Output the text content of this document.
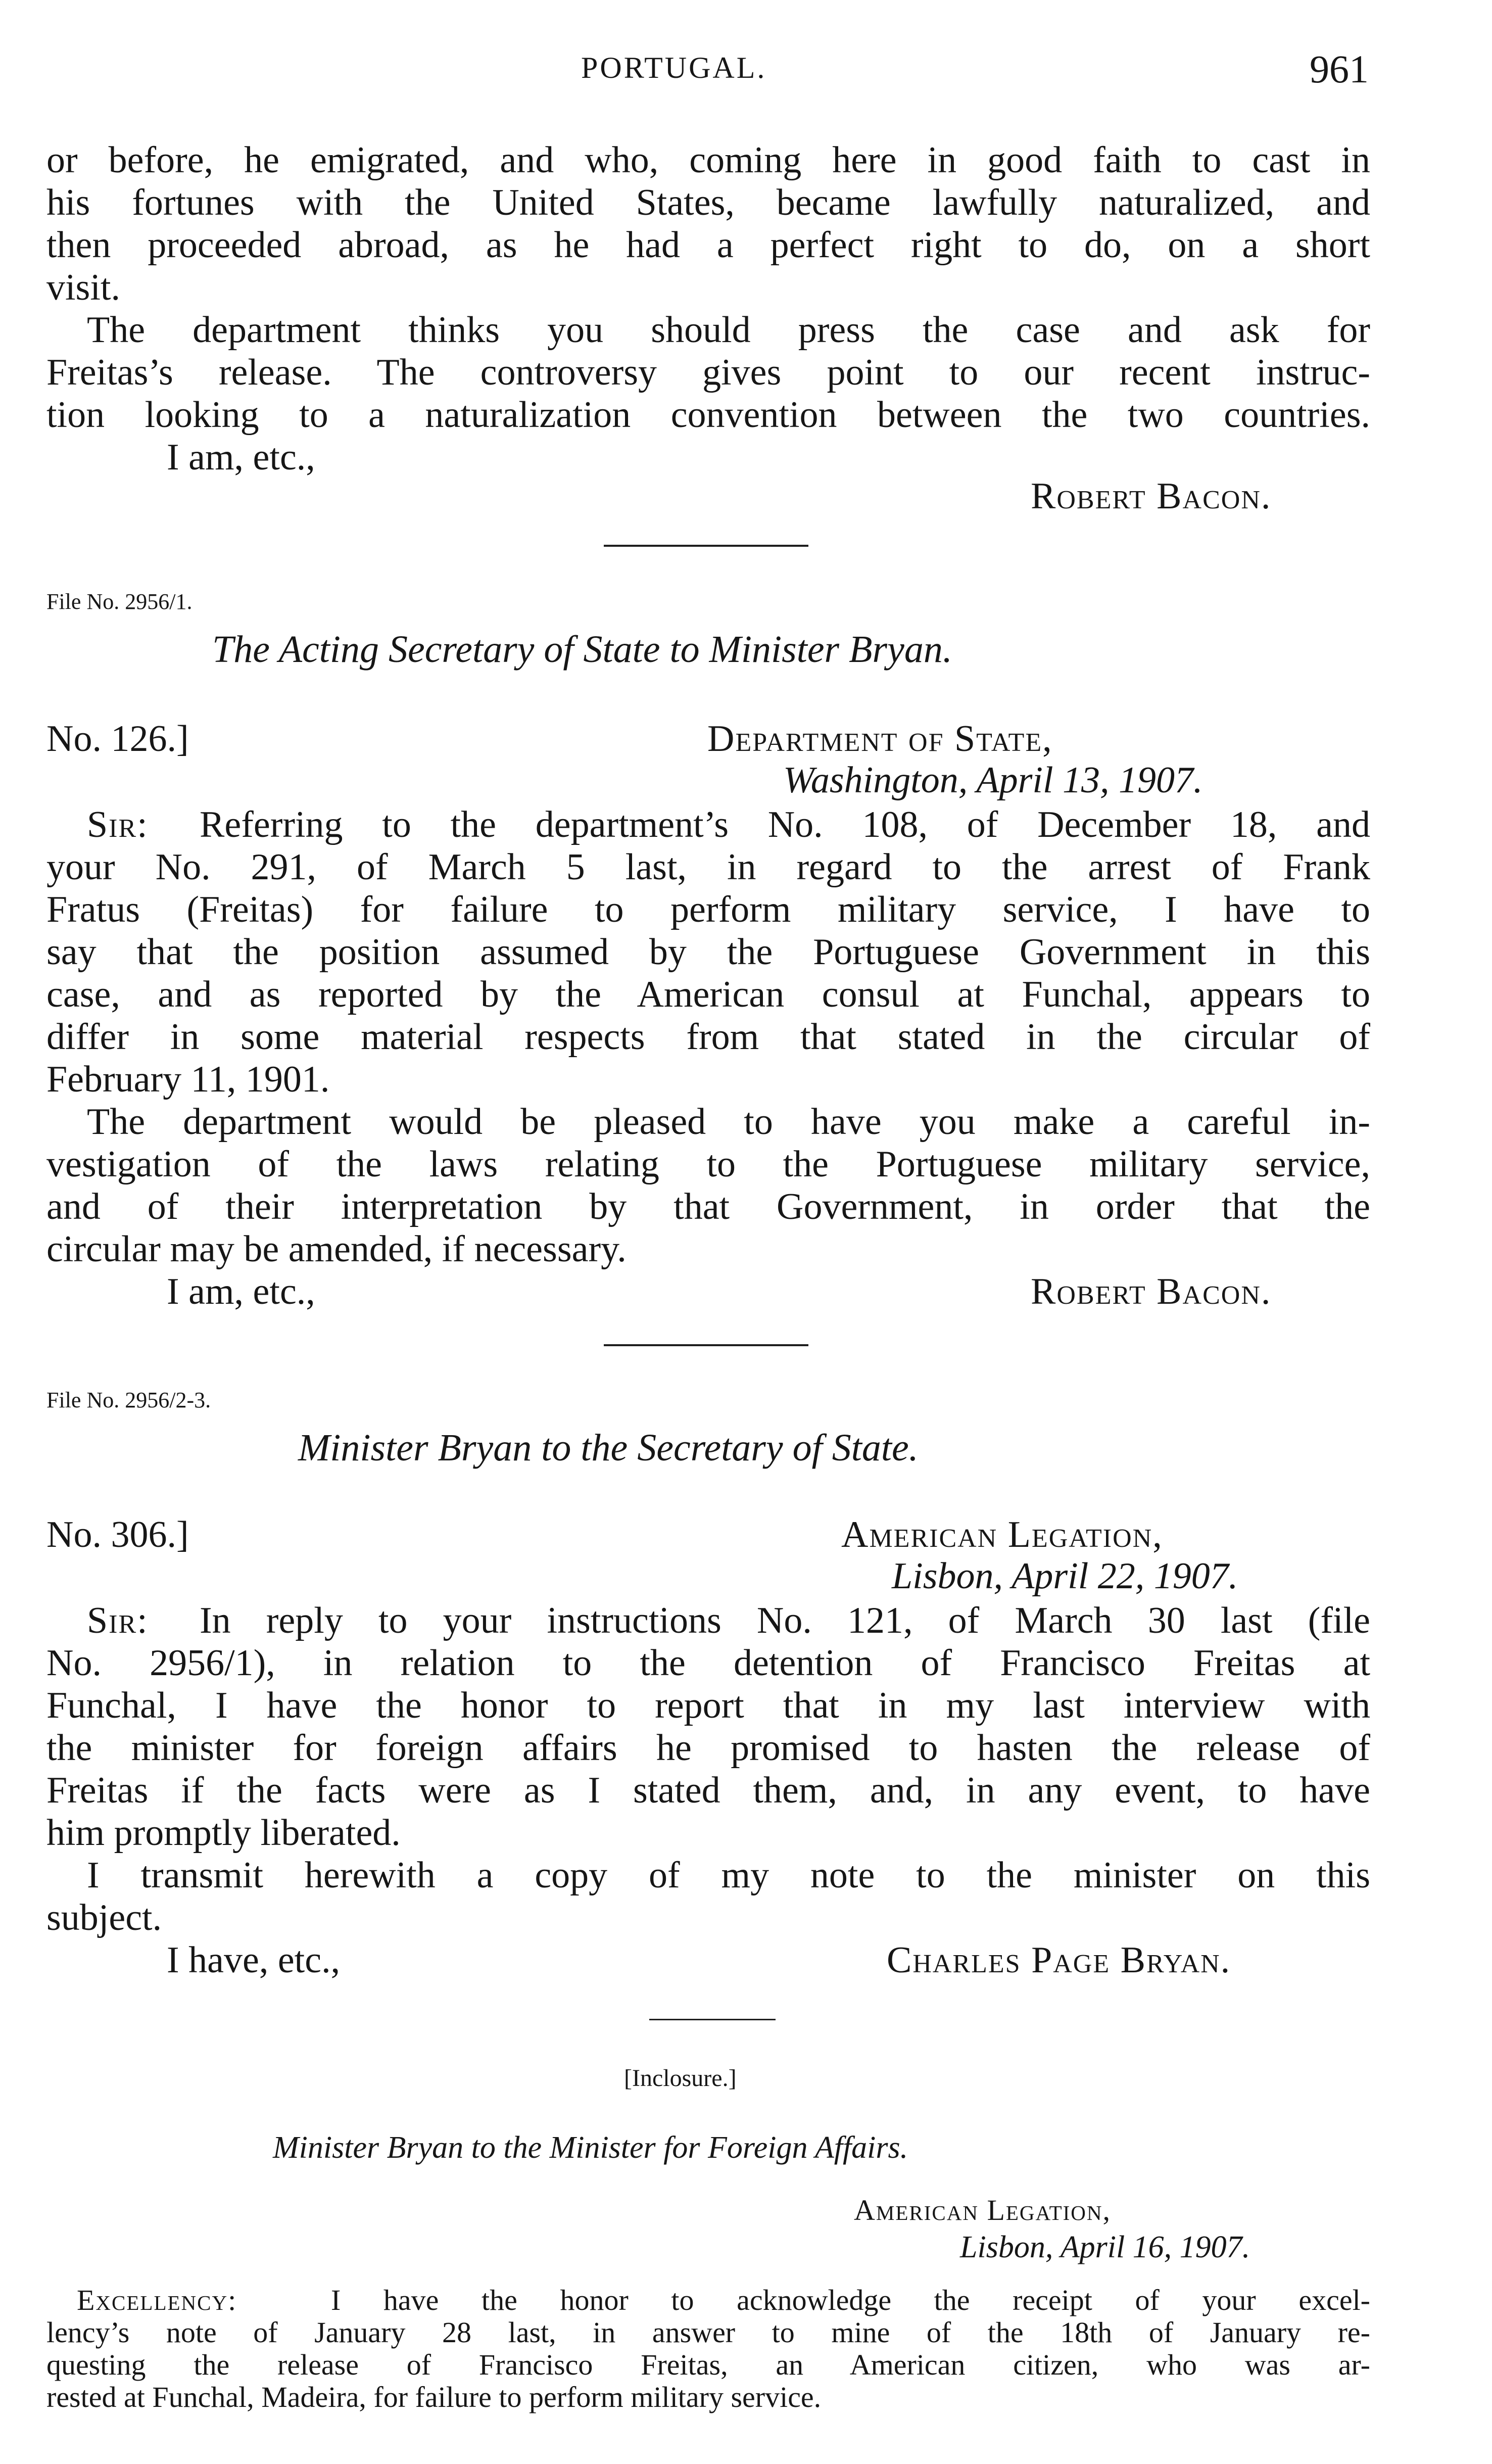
PORTUGAL.	961
or before, he emigrated, and who, coming here in good faith to cast in
his fortunes with the United States, became lawfully naturalized, and
then proceeded abroad, as he had a perfect right to do, on a short
visit.
The department thinks you should press the case and ask for
Freitas’s release. The controversy gives point to our recent instruc-
tion looking to a naturalization convention between the two countries.
I am, etc.,
Robert Bacon.
File No. 2956/1.
The Acting Secretary of State to Minister Bryan.
No. 126.]	Department of State,
Washington, April 13, 1907.
Sir: Referring to the department’s No. 108, of December 18, and
your No. 291, of March 5 last, in regard to the arrest of Frank
Fratus (Freitas) for failure to perform military service, I have to
say that the position assumed by the Portuguese Government in this
case, and as reported by the American consul at Funchal, appears to
differ in some material respects from that stated in the circular of
February 11, 1901.
The department would be pleased to have you make a careful in-
vestigation of the laws relating to the Portuguese military service,
and of their interpretation by that Government, in order that the
circular may be amended, if necessary.
I am, etc.,	Robert Bacon.
File No. 2956/2-3.
Minister Bryan to the Secretary of State.
No. 306.]	American Legation,
Lisbon, April 22, 1907.
Sir: In reply to your instructions No. 121, of March 30 last (file
No. 2956/1), in relation to the detention of Francisco Freitas at
Funchal, I have the honor to report that in my last interview with
the minister for foreign affairs he promised to hasten the release of
Freitas if the facts were as I stated them, and, in any event, to have
him promptly liberated.
I transmit herewith a copy of my note to the minister on this
subject.
I have, etc.,	Charles Page Bryan.
[Inclosure.]
Minister Bryan to the Minister for Foreign Affairs.
American Legation,
Lisbon, April 16, 1907.
Excellency:	I have the honor to acknowledge the receipt of your excel-
lency’s note of January 28 last, in answer to mine of the 18th of January re-
questing the release of Francisco Freitas, an American citizen, who was ar-
rested at Funchal, Madeira, for failure to perform military service.
